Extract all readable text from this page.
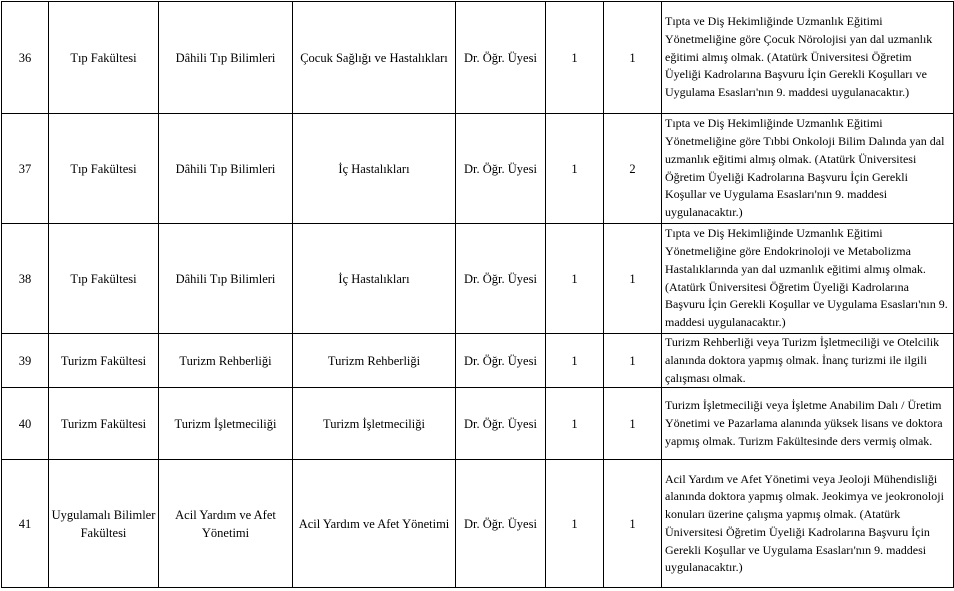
36	Tıp Fakültesi	Dâhili Tıp Bilimleri	Çocuk Sağlığı ve Hastalıkları	Dr. Öğr. Üyesi	1	1	Tıpta ve Diş Hekimliğinde Uzmanlık Eğitimi Yönetmeliğine göre Çocuk Nörolojisi yan dal uzmanlık eğitimi almış olmak. (Atatürk Üniversitesi Öğretim Üyeliği Kadrolarına Başvuru İçin Gerekli Koşulları ve Uygulama Esasları'nın 9. maddesi uygulanacaktır.)
37	Tıp Fakültesi	Dâhili Tıp Bilimleri	İç Hastalıkları	Dr. Öğr. Üyesi	1	2	Tıpta ve Diş Hekimliğinde Uzmanlık Eğitimi Yönetmeliğine göre Tıbbi Onkoloji Bilim Dalında yan dal uzmanlık eğitimi almış olmak. (Atatürk Üniversitesi Öğretim Üyeliği Kadrolarına Başvuru İçin Gerekli Koşullar ve Uygulama Esasları'nın 9. maddesi uygulanacaktır.)
38	Tıp Fakültesi	Dâhili Tıp Bilimleri	İç Hastalıkları	Dr. Öğr. Üyesi	1	1	Tıpta ve Diş Hekimliğinde Uzmanlık Eğitimi Yönetmeliğine göre Endokrinoloji ve Metabolizma Hastalıklarında yan dal uzmanlık eğitimi almış olmak. (Atatürk Üniversitesi Öğretim Üyeliği Kadrolarına Başvuru İçin Gerekli Koşullar ve Uygulama Esasları'nın 9. maddesi uygulanacaktır.)
39	Turizm Fakültesi	Turizm Rehberliği	Turizm Rehberliği	Dr. Öğr. Üyesi	1	1	Turizm Rehberliği veya Turizm İşletmeciliği ve Otelcilik alanında doktora yapmış olmak. İnanç turizmi ile ilgili çalışması olmak.
40	Turizm Fakültesi	Turizm İşletmeciliği	Turizm İşletmeciliği	Dr. Öğr. Üyesi	1	1	Turizm İşletmeciliği veya İşletme Anabilim Dalı / Üretim Yönetimi ve Pazarlama alanında yüksek lisans ve doktora yapmış olmak. Turizm Fakültesinde ders vermiş olmak.
41	Uygulamalı Bilimler Fakültesi	Acil Yardım ve Afet Yönetimi	Acil Yardım ve Afet Yönetimi	Dr. Öğr. Üyesi	1	1	Acil Yardım ve Afet Yönetimi veya Jeoloji Mühendisliği alanında doktora yapmış olmak. Jeokimya ve jeokronoloji konuları üzerine çalışma yapmış olmak. (Atatürk Üniversitesi Öğretim Üyeliği Kadrolarına Başvuru İçin Gerekli Koşullar ve Uygulama Esasları'nın 9. maddesi uygulanacaktır.)
